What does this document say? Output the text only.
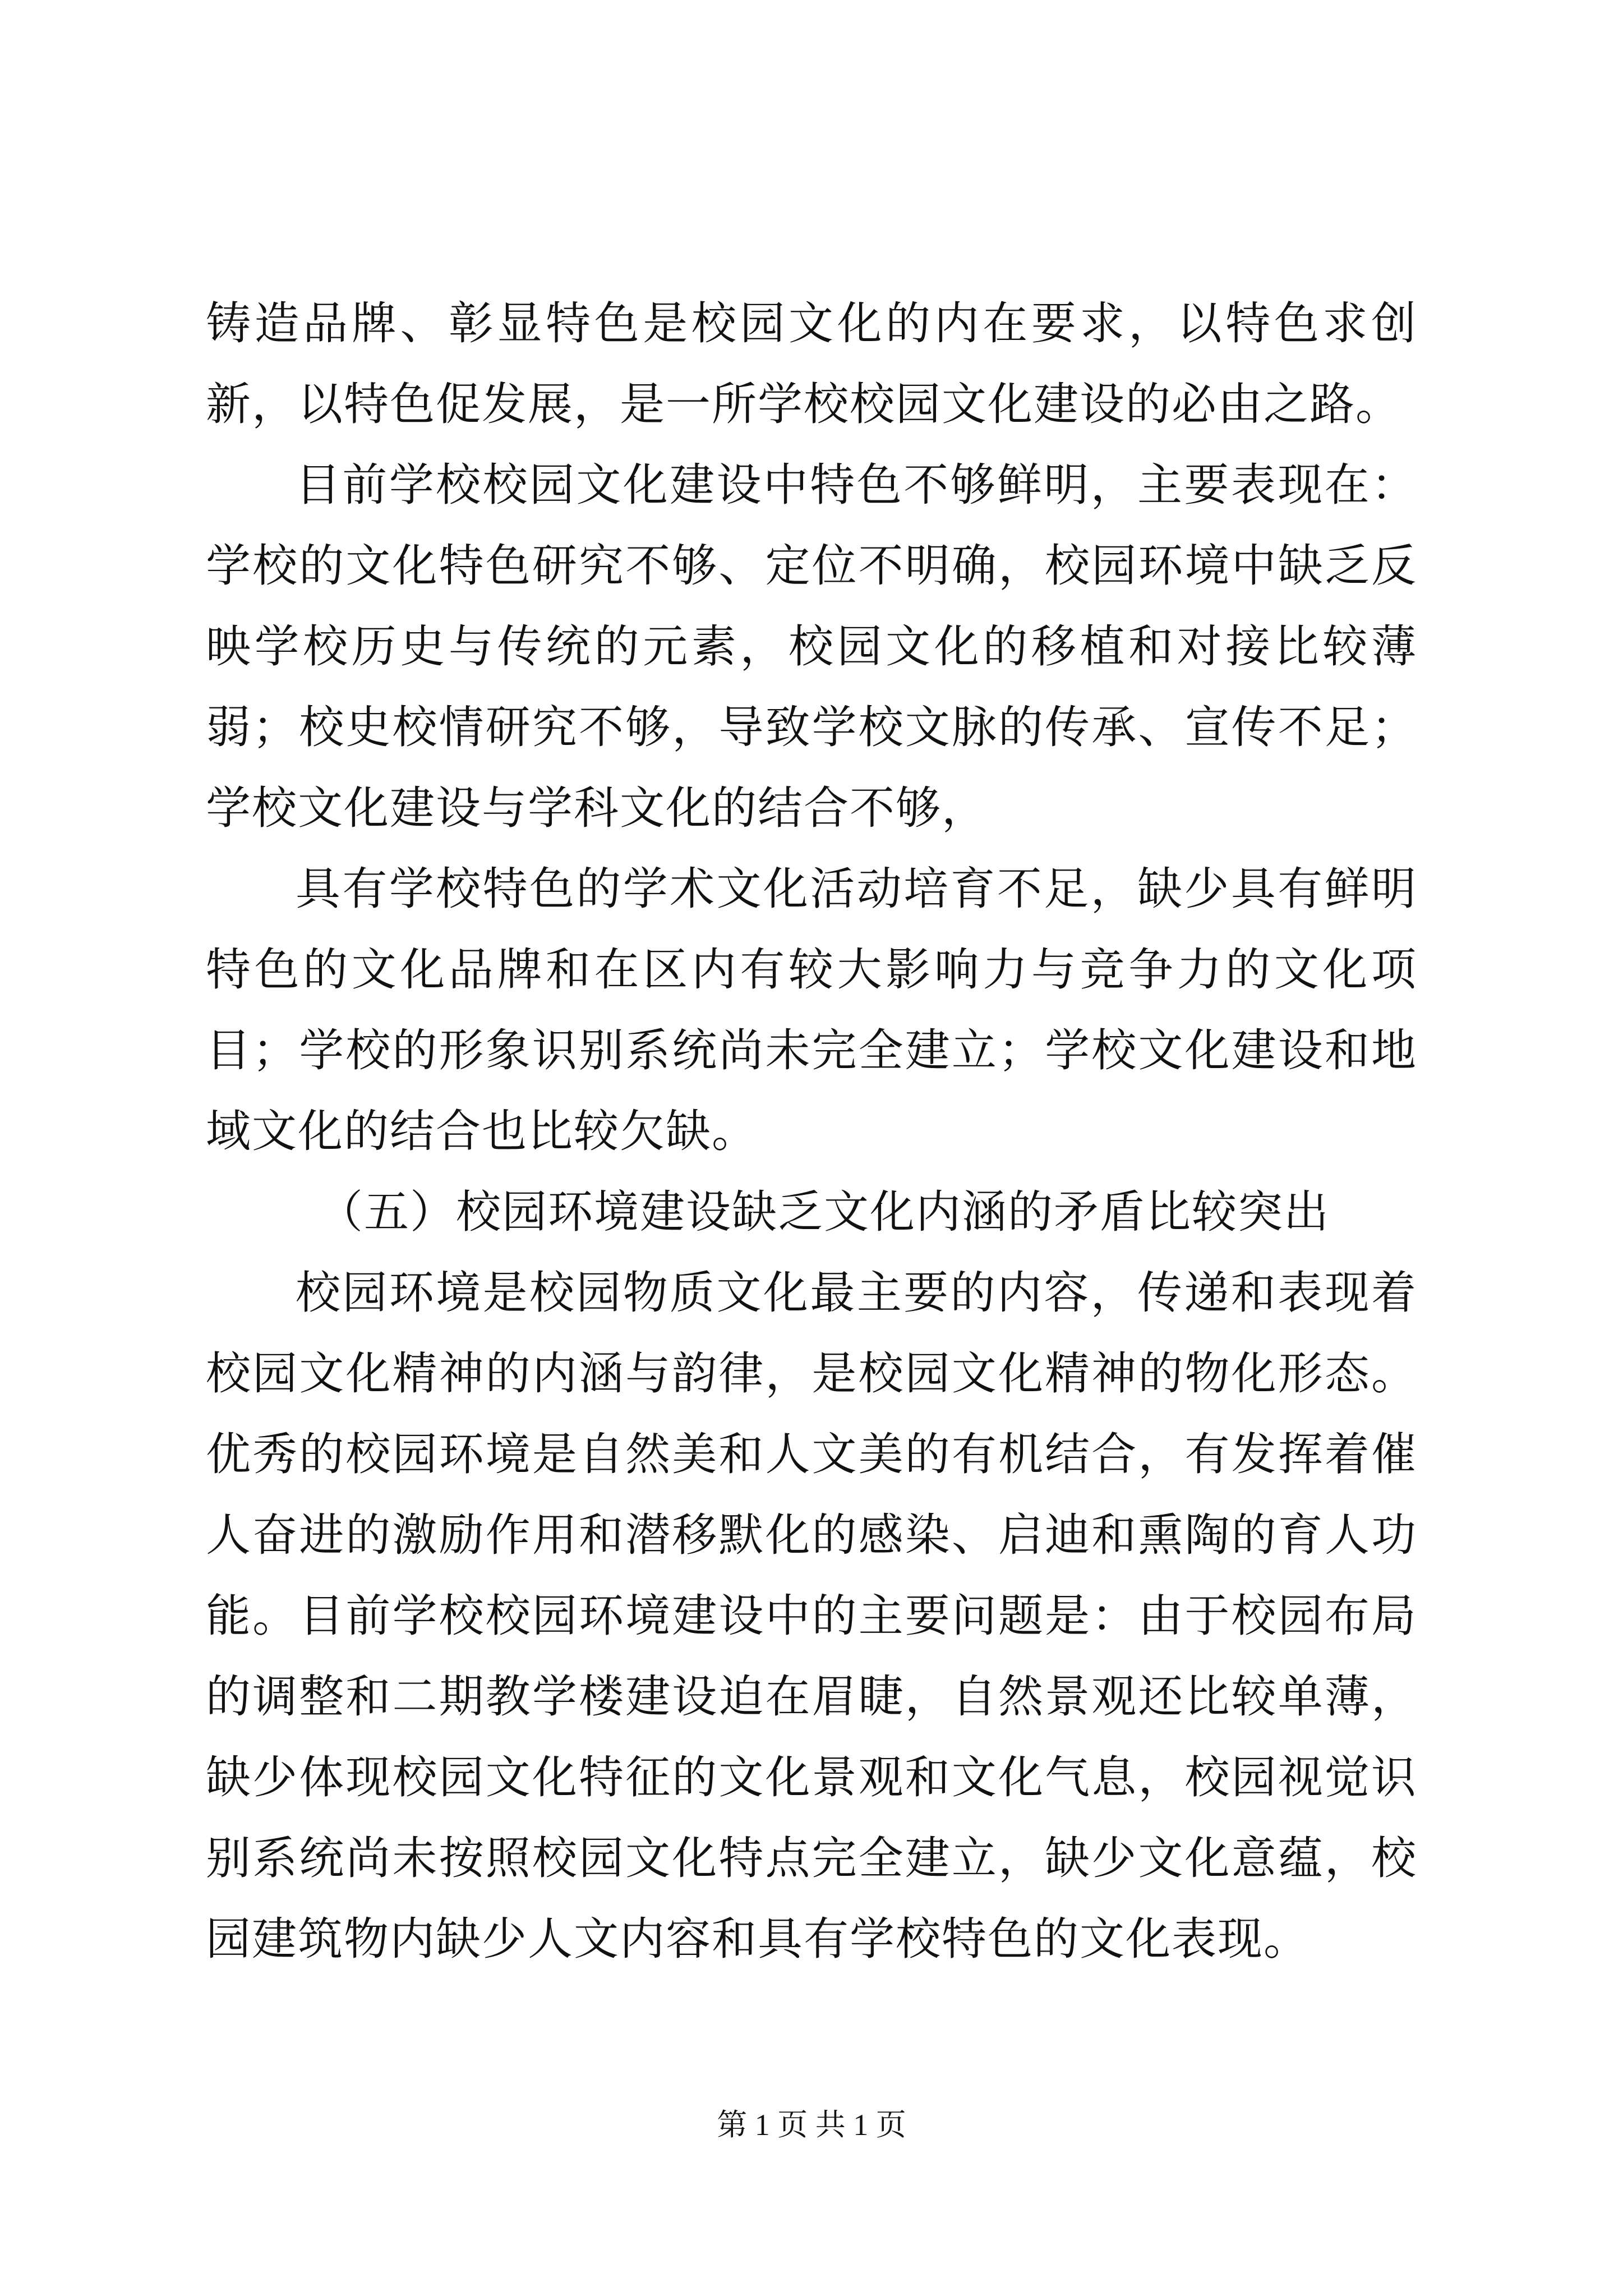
铸造品牌、彰显特色是校园文化的内在要求，以特色求创新，以特色促发展，是一所学校校园文化建设的必由之路。

目前学校校园文化建设中特色不够鲜明，主要表现在：学校的文化特色研究不够、定位不明确，校园环境中缺乏反映学校历史与传统的元素，校园文化的移植和对接比较薄弱；校史校情研究不够，导致学校文脉的传承、宣传不足；学校文化建设与学科文化的结合不够，

具有学校特色的学术文化活动培育不足，缺少具有鲜明特色的文化品牌和在区内有较大影响力与竞争力的文化项目；学校的形象识别系统尚未完全建立；学校文化建设和地域文化的结合也比较欠缺。

（五）校园环境建设缺乏文化内涵的矛盾比较突出

校园环境是校园物质文化最主要的内容，传递和表现着校园文化精神的内涵与韵律，是校园文化精神的物化形态。优秀的校园环境是自然美和人文美的有机结合，有发挥着催人奋进的激励作用和潜移默化的感染、启迪和熏陶的育人功能。目前学校校园环境建设中的主要问题是：由于校园布局的调整和二期教学楼建设迫在眉睫，自然景观还比较单薄，缺少体现校园文化特征的文化景观和文化气息，校园视觉识别系统尚未按照校园文化特点完全建立，缺少文化意蕴，校园建筑物内缺少人文内容和具有学校特色的文化表现。

第 1 页 共 1 页
